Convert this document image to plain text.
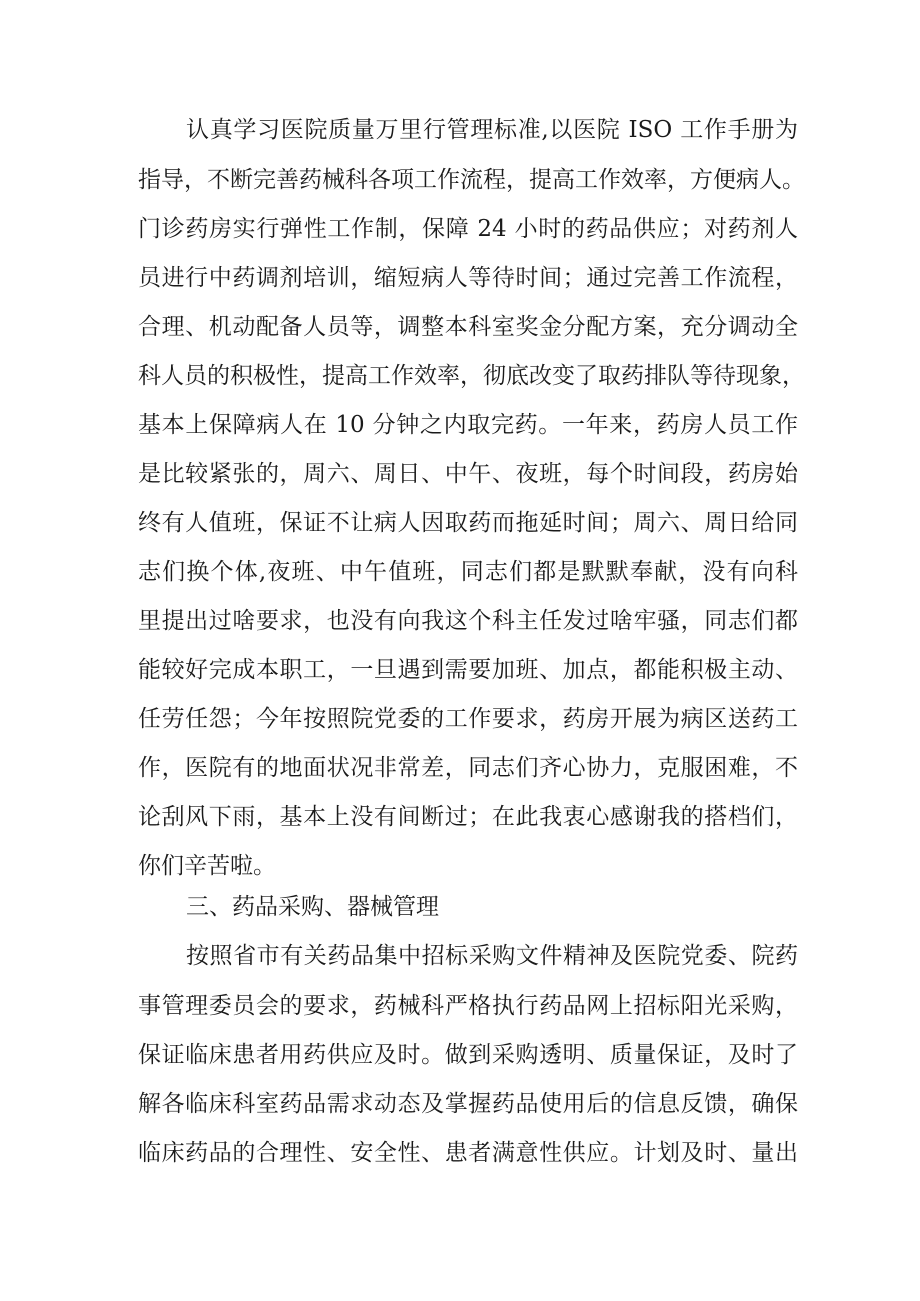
认真学习医院质量万里行管理标准,以医院 ISO 工作手册为
指导，不断完善药械科各项工作流程，提高工作效率，方便病人。
门诊药房实行弹性工作制，保障 24 小时的药品供应；对药剂人
员进行中药调剂培训，缩短病人等待时间；通过完善工作流程，
合理、机动配备人员等，调整本科室奖金分配方案，充分调动全
科人员的积极性，提高工作效率，彻底改变了取药排队等待现象，
基本上保障病人在 10 分钟之内取完药。一年来，药房人员工作
是比较紧张的，周六、周日、中午、夜班，每个时间段，药房始
终有人值班，保证不让病人因取药而拖延时间；周六、周日给同
志们换个体,夜班、中午值班，同志们都是默默奉献，没有向科
里提出过啥要求，也没有向我这个科主任发过啥牢骚，同志们都
能较好完成本职工，一旦遇到需要加班、加点，都能积极主动、
任劳任怨；今年按照院党委的工作要求，药房开展为病区送药工
作，医院有的地面状况非常差，同志们齐心协力，克服困难，不
论刮风下雨，基本上没有间断过；在此我衷心感谢我的搭档们，
你们辛苦啦。
三、药品采购、器械管理
按照省市有关药品集中招标采购文件精神及医院党委、院药
事管理委员会的要求，药械科严格执行药品网上招标阳光采购，
保证临床患者用药供应及时。做到采购透明、质量保证，及时了
解各临床科室药品需求动态及掌握药品使用后的信息反馈，确保
临床药品的合理性、安全性、患者满意性供应。计划及时、量出
